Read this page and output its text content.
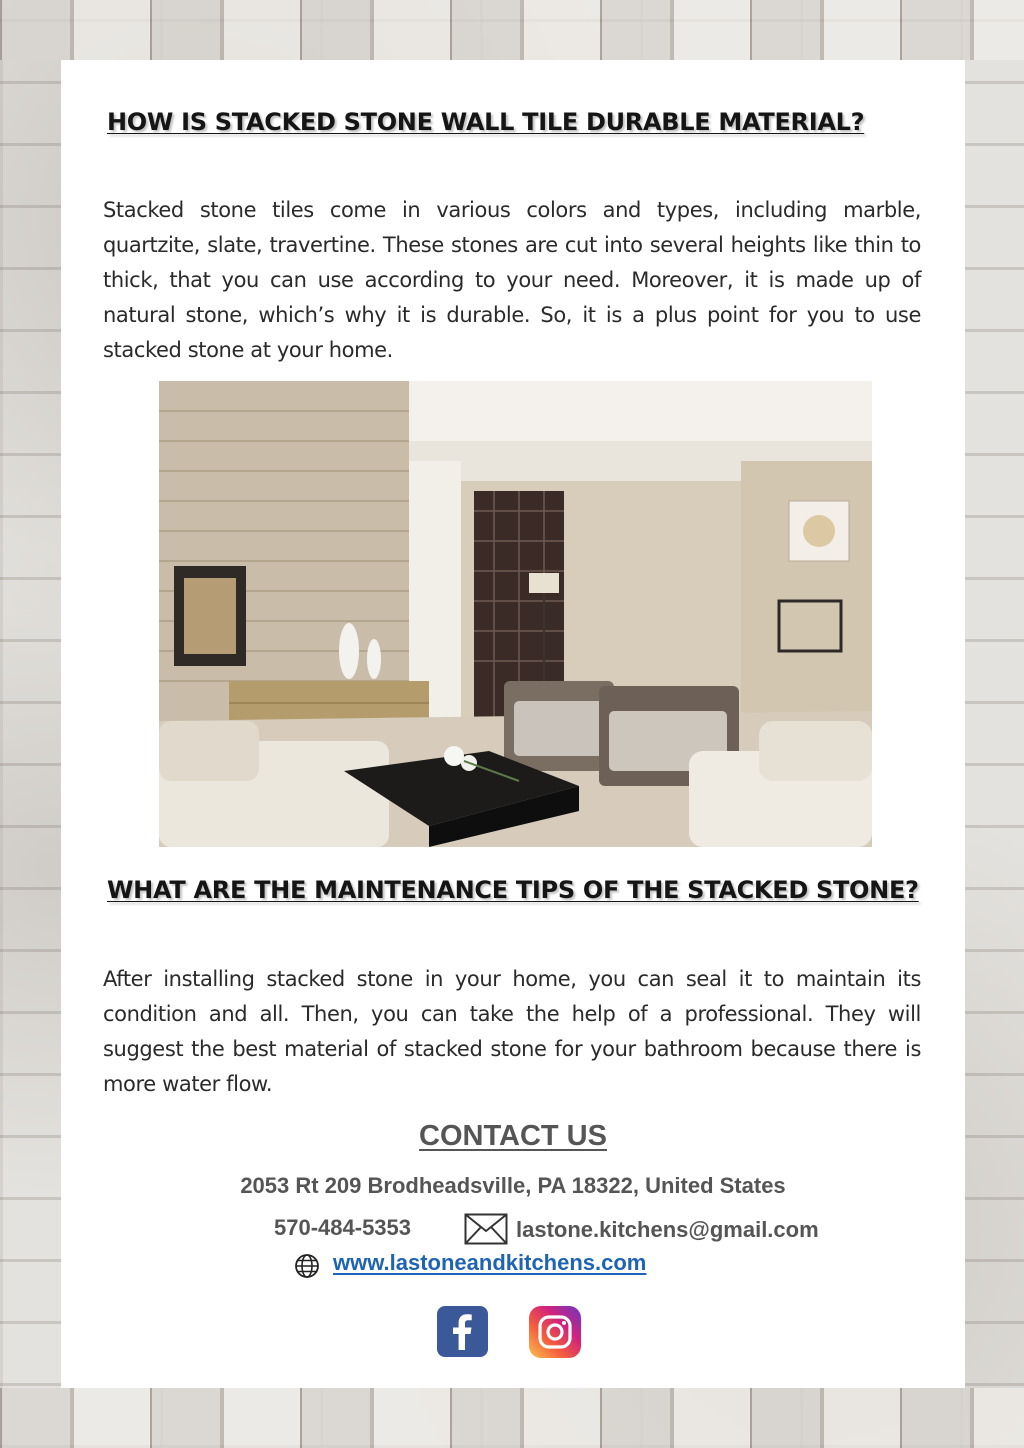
HOW IS STACKED STONE WALL TILE DURABLE MATERIAL?

Stacked stone tiles come in various colors and types, including marble, quartzite, slate, travertine. These stones are cut into several heights like thin to thick, that you can use according to your need. Moreover, it is made up of natural stone, which’s why it is durable. So, it is a plus point for you to use stacked stone at your home.

WHAT ARE THE MAINTENANCE TIPS OF THE STACKED STONE?

After installing stacked stone in your home, you can seal it to maintain its condition and all. Then, you can take the help of a professional. They will suggest the best material of stacked stone for your bathroom because there is more water flow.

CONTACT US
2053 Rt 209 Brodheadsville, PA 18322, United States
570-484-5353	lastone.kitchens@gmail.com
www.lastoneandkitchens.com
